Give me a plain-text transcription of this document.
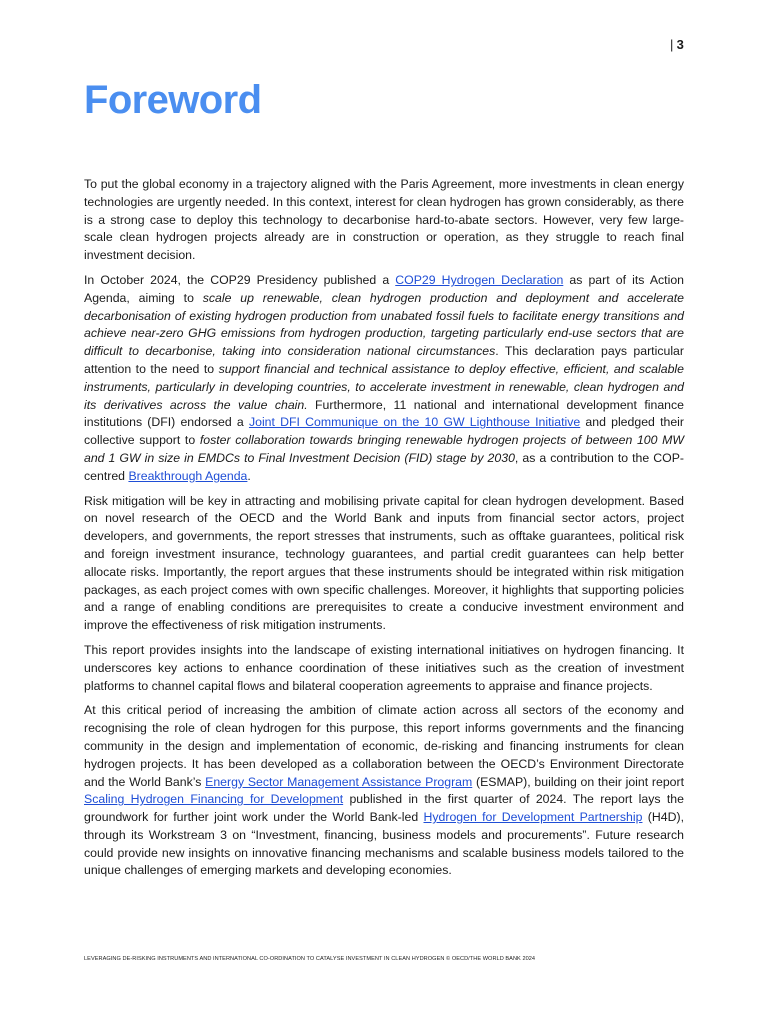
| 3
Foreword

To put the global economy in a trajectory aligned with the Paris Agreement, more investments in clean energy technologies are urgently needed. In this context, interest for clean hydrogen has grown considerably, as there is a strong case to deploy this technology to decarbonise hard-to-abate sectors. However, very few large-scale clean hydrogen projects already are in construction or operation, as they struggle to reach final investment decision.

In October 2024, the COP29 Presidency published a COP29 Hydrogen Declaration as part of its Action Agenda, aiming to scale up renewable, clean hydrogen production and deployment and accelerate decarbonisation of existing hydrogen production from unabated fossil fuels to facilitate energy transitions and achieve near-zero GHG emissions from hydrogen production, targeting particularly end-use sectors that are difficult to decarbonise, taking into consideration national circumstances. This declaration pays particular attention to the need to support financial and technical assistance to deploy effective, efficient, and scalable instruments, particularly in developing countries, to accelerate investment in renewable, clean hydrogen and its derivatives across the value chain. Furthermore, 11 national and international development finance institutions (DFI) endorsed a Joint DFI Communique on the 10 GW Lighthouse Initiative and pledged their collective support to foster collaboration towards bringing renewable hydrogen projects of between 100 MW and 1 GW in size in EMDCs to Final Investment Decision (FID) stage by 2030, as a contribution to the COP-centred Breakthrough Agenda.

Risk mitigation will be key in attracting and mobilising private capital for clean hydrogen development. Based on novel research of the OECD and the World Bank and inputs from financial sector actors, project developers, and governments, the report stresses that instruments, such as offtake guarantees, political risk and foreign investment insurance, technology guarantees, and partial credit guarantees can help better allocate risks. Importantly, the report argues that these instruments should be integrated within risk mitigation packages, as each project comes with own specific challenges. Moreover, it highlights that supporting policies and a range of enabling conditions are prerequisites to create a conducive investment environment and improve the effectiveness of risk mitigation instruments.

This report provides insights into the landscape of existing international initiatives on hydrogen financing. It underscores key actions to enhance coordination of these initiatives such as the creation of investment platforms to channel capital flows and bilateral cooperation agreements to appraise and finance projects.

At this critical period of increasing the ambition of climate action across all sectors of the economy and recognising the role of clean hydrogen for this purpose, this report informs governments and the financing community in the design and implementation of economic, de-risking and financing instruments for clean hydrogen projects. It has been developed as a collaboration between the OECD’s Environment Directorate and the World Bank’s Energy Sector Management Assistance Program (ESMAP), building on their joint report Scaling Hydrogen Financing for Development published in the first quarter of 2024. The report lays the groundwork for further joint work under the World Bank-led Hydrogen for Development Partnership (H4D), through its Workstream 3 on “Investment, financing, business models and procurements”. Future research could provide new insights on innovative financing mechanisms and scalable business models tailored to the unique challenges of emerging markets and developing economies.

LEVERAGING DE-RISKING INSTRUMENTS AND INTERNATIONAL CO-ORDINATION TO CATALYSE INVESTMENT IN CLEAN HYDROGEN © OECD/THE WORLD BANK 2024
